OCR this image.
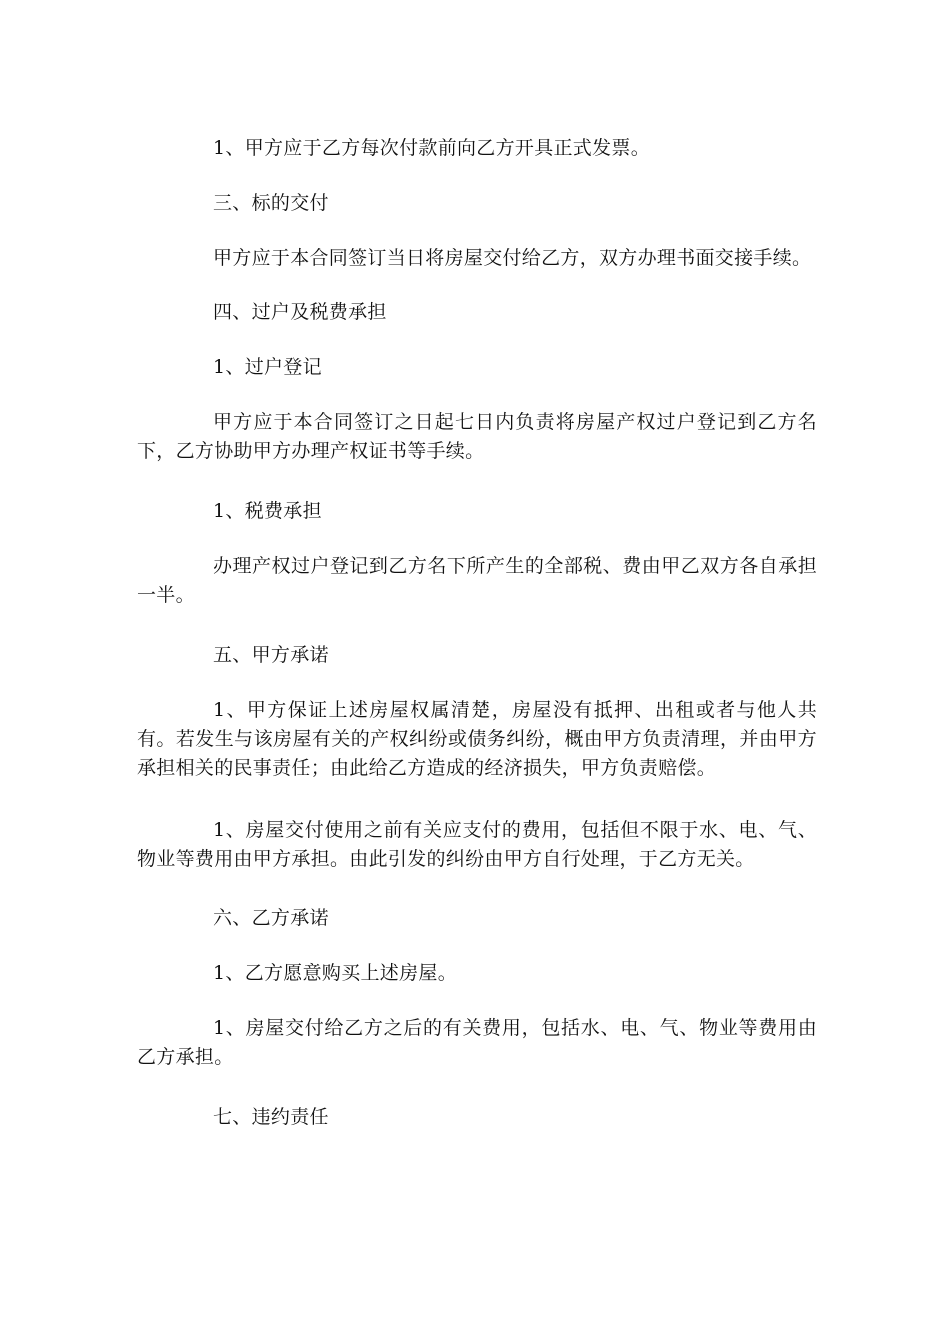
1、甲方应于乙方每次付款前向乙方开具正式发票。

三、标的交付

甲方应于本合同签订当日将房屋交付给乙方，双方办理书面交接手续。

四、过户及税费承担

1、过户登记

甲方应于本合同签订之日起七日内负责将房屋产权过户登记到乙方名下，乙方协助甲方办理产权证书等手续。

1、税费承担

办理产权过户登记到乙方名下所产生的全部税、费由甲乙双方各自承担一半。

五、甲方承诺

1、甲方保证上述房屋权属清楚，房屋没有抵押、出租或者与他人共有。若发生与该房屋有关的产权纠纷或债务纠纷，概由甲方负责清理，并由甲方承担相关的民事责任；由此给乙方造成的经济损失，甲方负责赔偿。

1、房屋交付使用之前有关应支付的费用，包括但不限于水、电、气、物业等费用由甲方承担。由此引发的纠纷由甲方自行处理，于乙方无关。

六、乙方承诺

1、乙方愿意购买上述房屋。

1、房屋交付给乙方之后的有关费用，包括水、电、气、物业等费用由乙方承担。

七、违约责任
